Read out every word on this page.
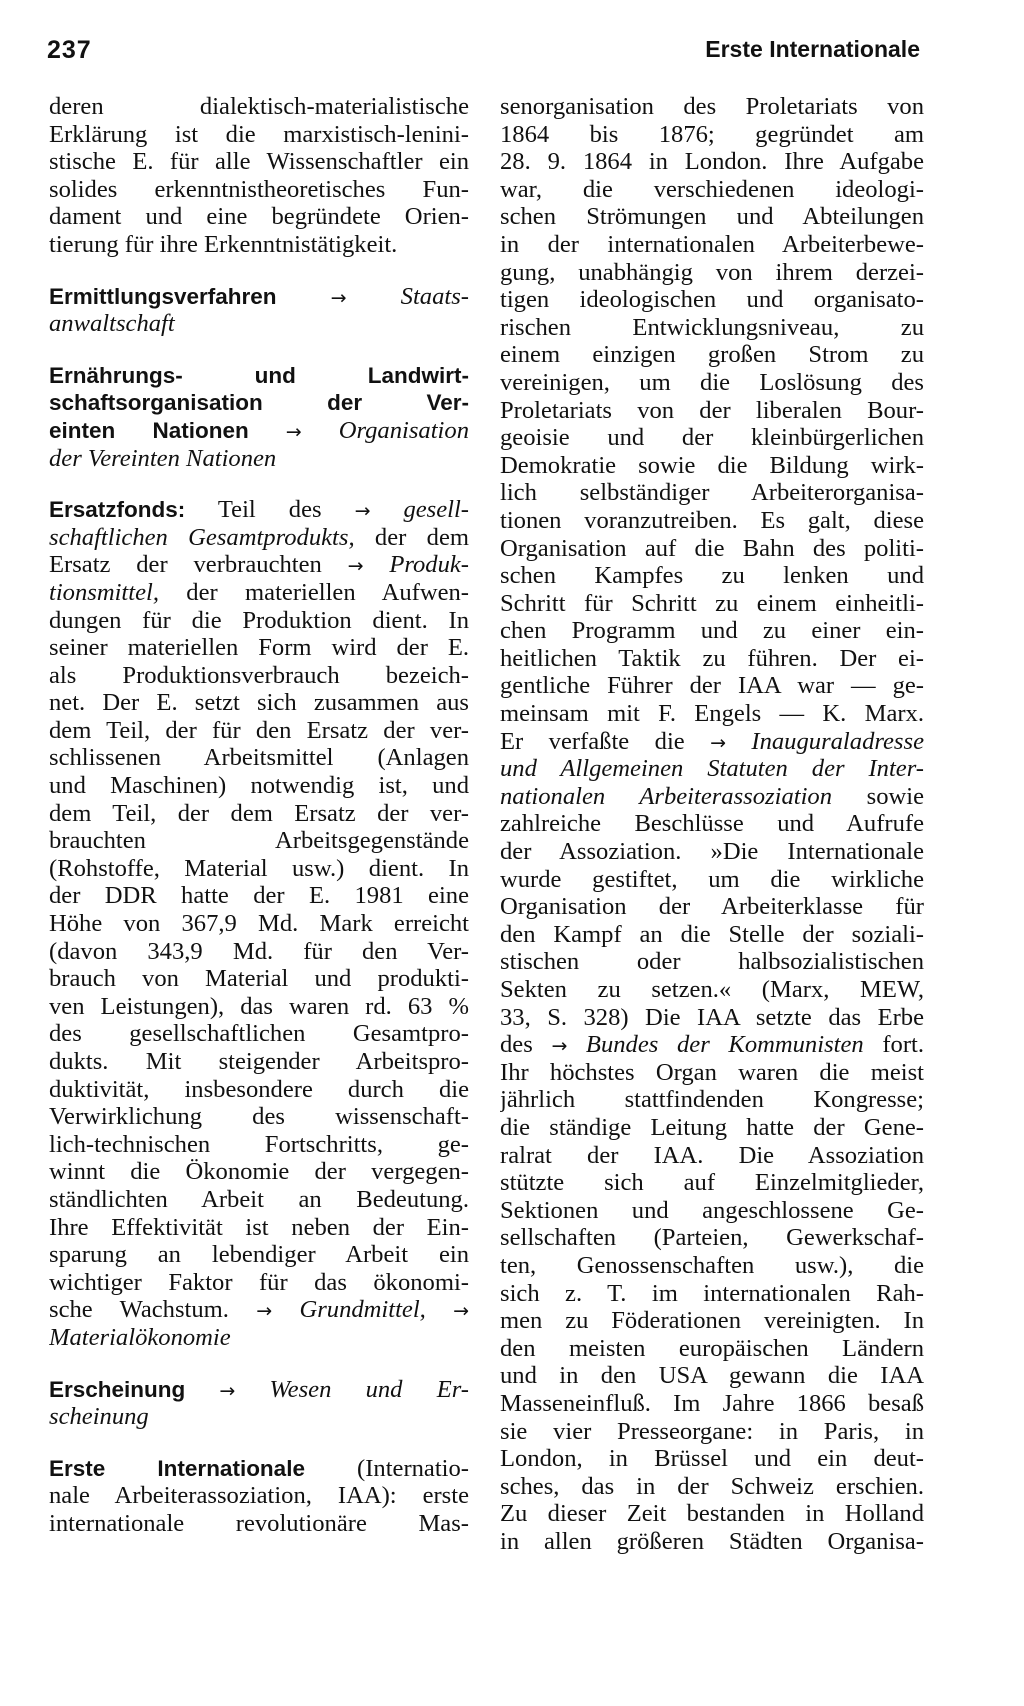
237	Erste Internationale
deren dialektisch-materialistische
Erklärung ist die marxistisch-lenini-
stische E. für alle Wissenschaftler ein
solides erkenntnistheoretisches Fun-
dament und eine begründete Orien-
tierung für ihre Erkenntnistätigkeit.
Ermittlungsverfahren → Staats-
anwaltschaft
Ernährungs- und Landwirt-
schaftsorganisation der Ver-
einten Nationen → Organisation
der Vereinten Nationen
Ersatzfonds: Teil des → gesell-
schaftlichen Gesamtprodukts, der dem
Ersatz der verbrauchten → Produk-
tionsmittel, der materiellen Aufwen-
dungen für die Produktion dient. In
seiner materiellen Form wird der E.
als Produktionsverbrauch bezeich-
net. Der E. setzt sich zusammen aus
dem Teil, der für den Ersatz der ver-
schlissenen Arbeitsmittel (Anlagen
und Maschinen) notwendig ist, und
dem Teil, der dem Ersatz der ver-
brauchten Arbeitsgegenstände
(Rohstoffe, Material usw.) dient. In
der DDR hatte der E. 1981 eine
Höhe von 367,9 Md. Mark erreicht
(davon 343,9 Md. für den Ver-
brauch von Material und produkti-
ven Leistungen), das waren rd. 63 %
des gesellschaftlichen Gesamtpro-
dukts. Mit steigender Arbeitspro-
duktivität, insbesondere durch die
Verwirklichung des wissenschaft-
lich-technischen Fortschritts, ge-
winnt die Ökonomie der vergegen-
ständlichten Arbeit an Bedeutung.
Ihre Effektivität ist neben der Ein-
sparung an lebendiger Arbeit ein
wichtiger Faktor für das ökonomi-
sche Wachstum. → Grundmittel, →
Materialökonomie
Erscheinung → Wesen und Er-
scheinung
Erste Internationale (Internatio-
nale Arbeiterassoziation, IAA): erste
internationale revolutionäre Mas-
senorganisation des Proletariats von
1864 bis 1876; gegründet am
28. 9. 1864 in London. Ihre Aufgabe
war, die verschiedenen ideologi-
schen Strömungen und Abteilungen
in der internationalen Arbeiterbewe-
gung, unabhängig von ihrem derzei-
tigen ideologischen und organisato-
rischen Entwicklungsniveau, zu
einem einzigen großen Strom zu
vereinigen, um die Loslösung des
Proletariats von der liberalen Bour-
geoisie und der kleinbürgerlichen
Demokratie sowie die Bildung wirk-
lich selbständiger Arbeiterorganisa-
tionen voranzutreiben. Es galt, diese
Organisation auf die Bahn des politi-
schen Kampfes zu lenken und
Schritt für Schritt zu einem einheitli-
chen Programm und zu einer ein-
heitlichen Taktik zu führen. Der ei-
gentliche Führer der IAA war — ge-
meinsam mit F. Engels — K. Marx.
Er verfaßte die → Inauguraladresse
und Allgemeinen Statuten der Inter-
nationalen Arbeiterassoziation sowie
zahlreiche Beschlüsse und Aufrufe
der Assoziation. »Die Internationale
wurde gestiftet, um die wirkliche
Organisation der Arbeiterklasse für
den Kampf an die Stelle der soziali-
stischen oder halbsozialistischen
Sekten zu setzen.« (Marx, MEW,
33, S. 328) Die IAA setzte das Erbe
des → Bundes der Kommunisten fort.
Ihr höchstes Organ waren die meist
jährlich stattfindenden Kongresse;
die ständige Leitung hatte der Gene-
ralrat der IAA. Die Assoziation
stützte sich auf Einzelmitglieder,
Sektionen und angeschlossene Ge-
sellschaften (Parteien, Gewerkschaf-
ten, Genossenschaften usw.), die
sich z. T. im internationalen Rah-
men zu Föderationen vereinigten. In
den meisten europäischen Ländern
und in den USA gewann die IAA
Masseneinfluß. Im Jahre 1866 besaß
sie vier Presseorgane: in Paris, in
London, in Brüssel und ein deut-
sches, das in der Schweiz erschien.
Zu dieser Zeit bestanden in Holland
in allen größeren Städten Organisa-
